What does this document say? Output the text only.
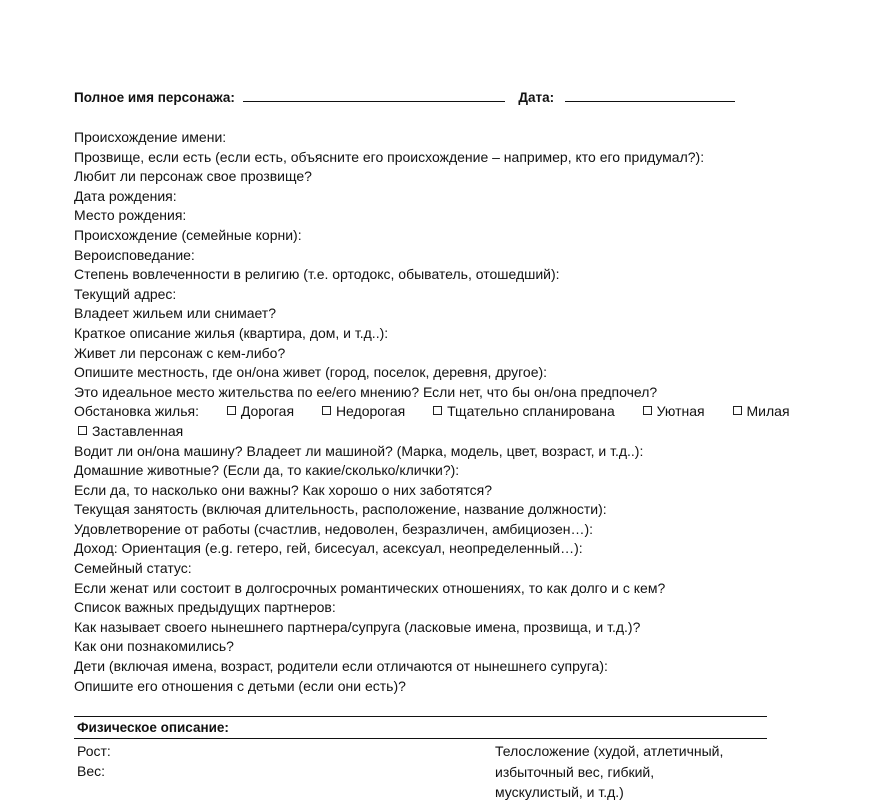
Полное имя персонажа:	Дата:
Происхождение имени:
Прозвище, если есть (если есть, объясните его происхождение – например, кто его придумал?):
Любит ли персонаж свое прозвище?
Дата рождения:
Место рождения:
Происхождение (семейные корни):
Вероисповедание:
Степень вовлеченности в религию (т.е. ортодокс, обыватель, отошедший):
Текущий адрес:
Владеет жильем или снимает?
Краткое описание жилья (квартира, дом, и т.д..):
Живет ли персонаж с кем-либо?
Опишите местность, где он/она живет (город, поселок, деревня, другое):
Это идеальное место жительства по ее/его мнению? Если нет, что бы он/она предпочел?
Обстановка жилья:	Дорогая	Недорогая	Тщательно спланирована	Уютная	Милая
Заставленная
Водит ли он/она машину? Владеет ли машиной? (Марка, модель, цвет, возраст, и т.д..):
Домашние животные? (Если да, то какие/сколько/клички?):
Если да, то насколько они важны? Как хорошо о них заботятся?
Текущая занятость (включая длительность, расположение, название должности):
Удовлетворение от работы (счастлив, недоволен, безразличен, амбициозен…):
Доход: Ориентация (e.g. гетеро, гей, бисесуал, асексуал, неопределенный…):
Семейный статус:
Если женат или состоит в долгосрочных романтических отношениях, то как долго и с кем?
Список важных предыдущих партнеров:
Как называет своего нынешнего партнера/супруга (ласковые имена, прозвища, и т.д.)?
Как они познакомились?
Дети (включая имена, возраст, родители если отличаются от нынешнего супруга):
Опишите его отношения с детьми (если они есть)?
Физическое описание:
Рост:
Вес:
Телосложение (худой, атлетичный,
избыточный вес, гибкий,
мускулистый, и т.д.)
